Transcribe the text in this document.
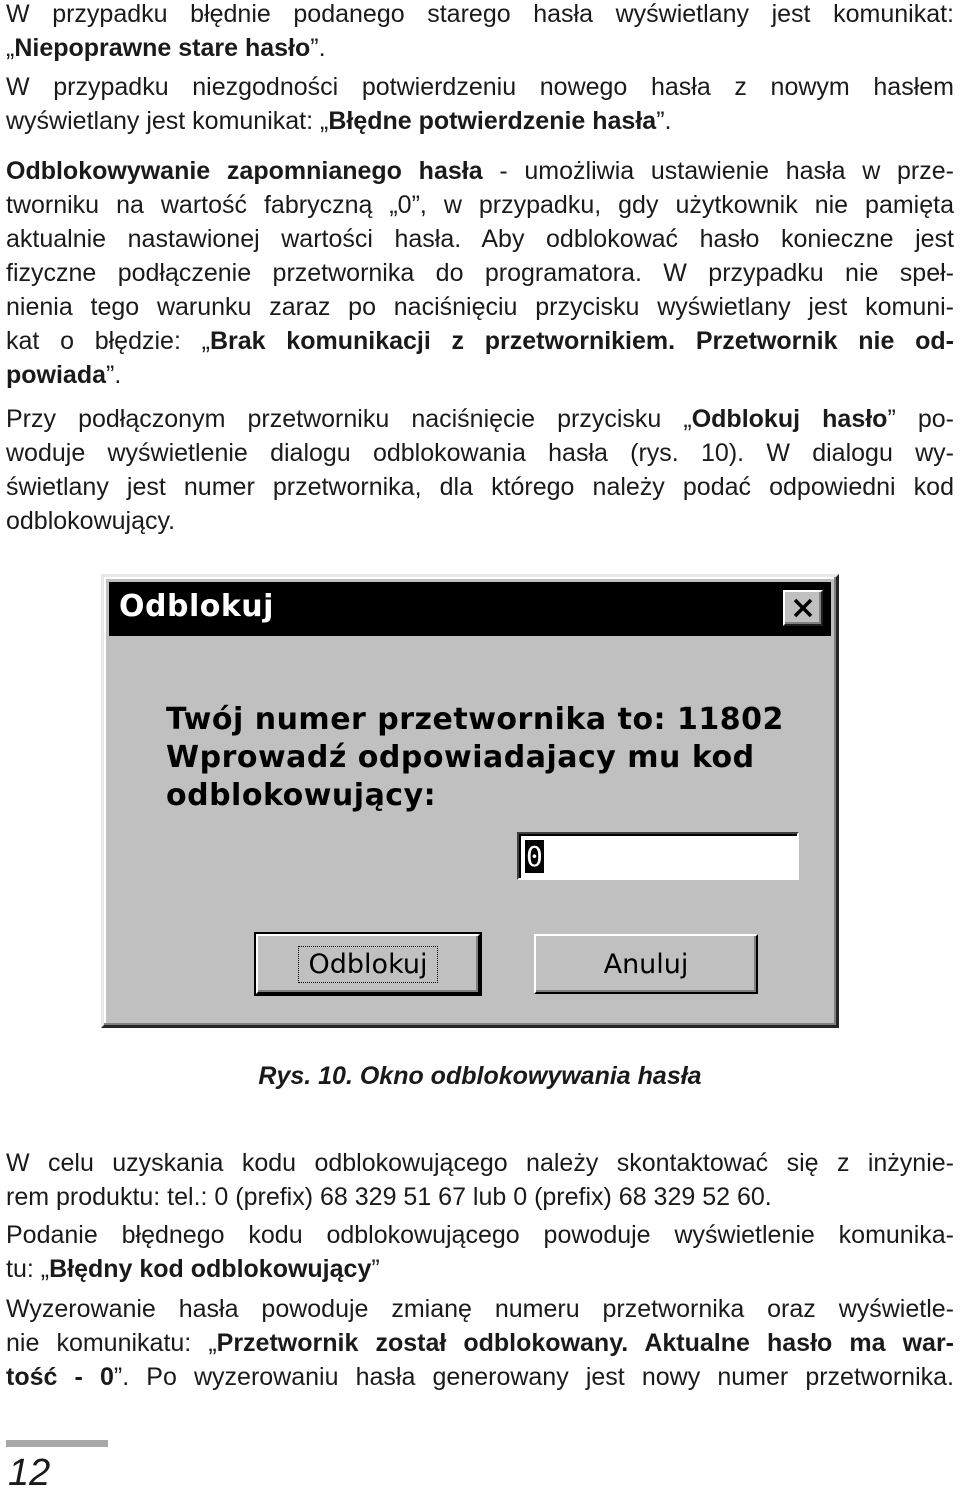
W przypadku błędnie podanego starego hasła wyświetlany jest komunikat:
„Niepoprawne stare hasło”.
W przypadku niezgodności potwierdzeniu nowego hasła z nowym hasłem
wyświetlany jest komunikat: „Błędne potwierdzenie hasła”.
Odblokowywanie zapomnianego hasła - umożliwia ustawienie hasła w prze-
tworniku na wartość fabryczną „0”, w przypadku, gdy użytkownik nie pamięta
aktualnie nastawionej wartości hasła. Aby odblokować hasło konieczne jest
fizyczne podłączenie przetwornika do programatora. W przypadku nie speł-
nienia tego warunku zaraz po naciśnięciu przycisku wyświetlany jest komuni-
kat o błędzie: „Brak komunikacji z przetwornikiem. Przetwornik nie od-
powiada”.
Przy podłączonym przetworniku naciśnięcie przycisku „Odblokuj hasło” po-
woduje wyświetlenie dialogu odblokowania hasła (rys. 10). W dialogu wy-
świetlany jest numer przetwornika, dla którego należy podać odpowiedni kod
odblokowujący.
Odblokuj

Twój numer przetwornika to: 11802
Wprowadź odpowiadajacy mu kod
odblokowujący:

0
Odblokuj	Anuluj

Rys. 10. Okno odblokowywania hasła

W celu uzyskania kodu odblokowującego należy skontaktować się z inżynie-
rem produktu: tel.: 0 (prefix) 68 329 51 67 lub 0 (prefix) 68 329 52 60.
Podanie błędnego kodu odblokowującego powoduje wyświetlenie komunika-
tu: „Błędny kod odblokowujący”
Wyzerowanie hasła powoduje zmianę numeru przetwornika oraz wyświetle-
nie komunikatu: „Przetwornik został odblokowany. Aktualne hasło ma war-
tość - 0”. Po wyzerowaniu hasła generowany jest nowy numer przetwornika.

12
